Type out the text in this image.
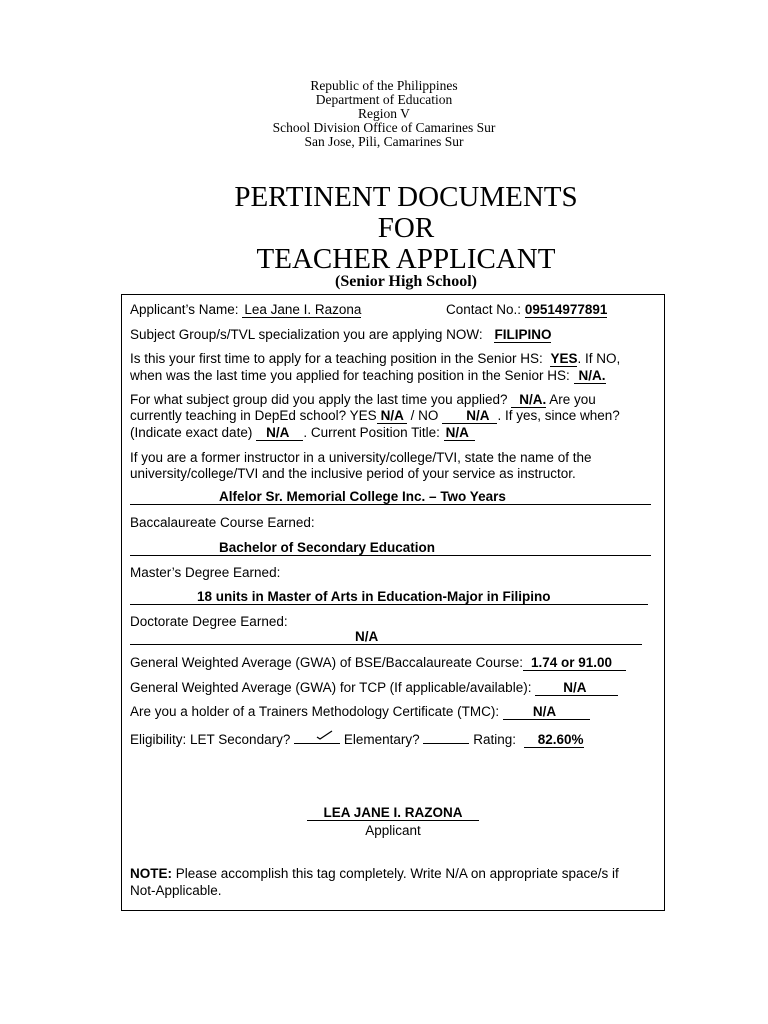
Republic of the Philippines
Department of Education
Region V
School Division Office of Camarines Sur
San Jose, Pili, Camarines Sur
PERTINENT DOCUMENTS
FOR
TEACHER APPLICANT
(Senior High School)
Applicant’s Name: Lea Jane I. Razona	Contact No.: 09514977891
Subject Group/s/TVL specialization you are applying NOW: FILIPINO
Is this your first time to apply for a teaching position in the Senior HS: YES. If NO,
when was the last time you applied for teaching position in the Senior HS: N/A.
For what subject group did you apply the last time you applied? N/A. Are you
currently teaching in DepEd school? YES N/A / NO N/A . If yes, since when?
(Indicate exact date) N/A . Current Position Title: N/A
If you are a former instructor in a university/college/TVI, state the name of the
university/college/TVI and the inclusive period of your service as instructor.
Alfelor Sr. Memorial College Inc. – Two Years
Baccalaureate Course Earned:
Bachelor of Secondary Education
Master’s Degree Earned:
18 units in Master of Arts in Education-Major in Filipino
Doctorate Degree Earned:
N/A
General Weighted Average (GWA) of BSE/Baccalaureate Course: 1.74 or 91.00
General Weighted Average (GWA) for TCP (If applicable/available): N/A
Are you a holder of a Trainers Methodology Certificate (TMC):	N/A
Eligibility: LET Secondary?	Elementary?	Rating: 82.60%
LEA JANE I. RAZONA
Applicant
NOTE: Please accomplish this tag completely. Write N/A on appropriate space/s if
Not-Applicable.
